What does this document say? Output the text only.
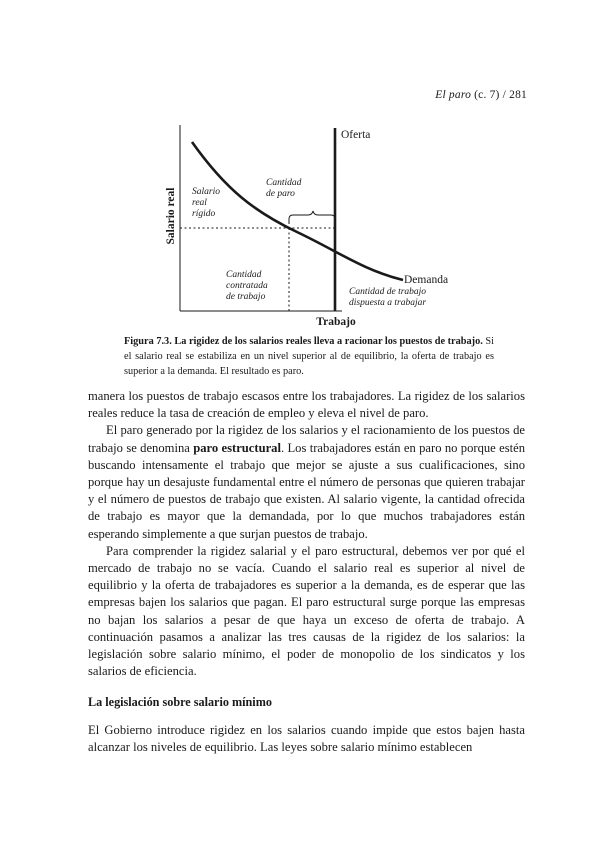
El paro (c. 7) / 281
Salario real
Trabajo
Oferta
Demanda
Salario
real
rígido
Cantidad
de paro
Cantidad
contratada
de trabajo	Cantidad de trabajo
dispuesta a trabajar
Figura 7.3. La rigidez de los salarios reales lleva a racionar los puestos de trabajo. Si el salario real se estabiliza en un nivel superior al de equilibrio, la oferta de trabajo es superior a la demanda. El resultado es paro.

manera los puestos de trabajo escasos entre los trabajadores. La rigidez de los salarios reales reduce la tasa de creación de empleo y eleva el nivel de paro.

El paro generado por la rigidez de los salarios y el racionamiento de los puestos de trabajo se denomina paro estructural. Los trabajadores están en paro no porque estén buscando intensamente el trabajo que mejor se ajuste a sus cualificaciones, sino porque hay un desajuste fundamental entre el número de personas que quieren trabajar y el número de puestos de trabajo que existen. Al salario vigente, la cantidad ofrecida de trabajo es mayor que la demandada, por lo que muchos trabajadores están esperando simplemente a que surjan puestos de trabajo.

Para comprender la rigidez salarial y el paro estructural, debemos ver por qué el mercado de trabajo no se vacía. Cuando el salario real es superior al nivel de equilibrio y la oferta de trabajadores es superior a la demanda, es de esperar que las empresas bajen los salarios que pagan. El paro estructural surge porque las empresas no bajan los salarios a pesar de que haya un exceso de oferta de trabajo. A continuación pasamos a analizar las tres causas de la rigidez de los salarios: la legislación sobre salario mínimo, el poder de monopolio de los sindicatos y los salarios de eficiencia.

La legislación sobre salario mínimo

El Gobierno introduce rigidez en los salarios cuando impide que estos bajen hasta alcanzar los niveles de equilibrio. Las leyes sobre salario mínimo establecen
